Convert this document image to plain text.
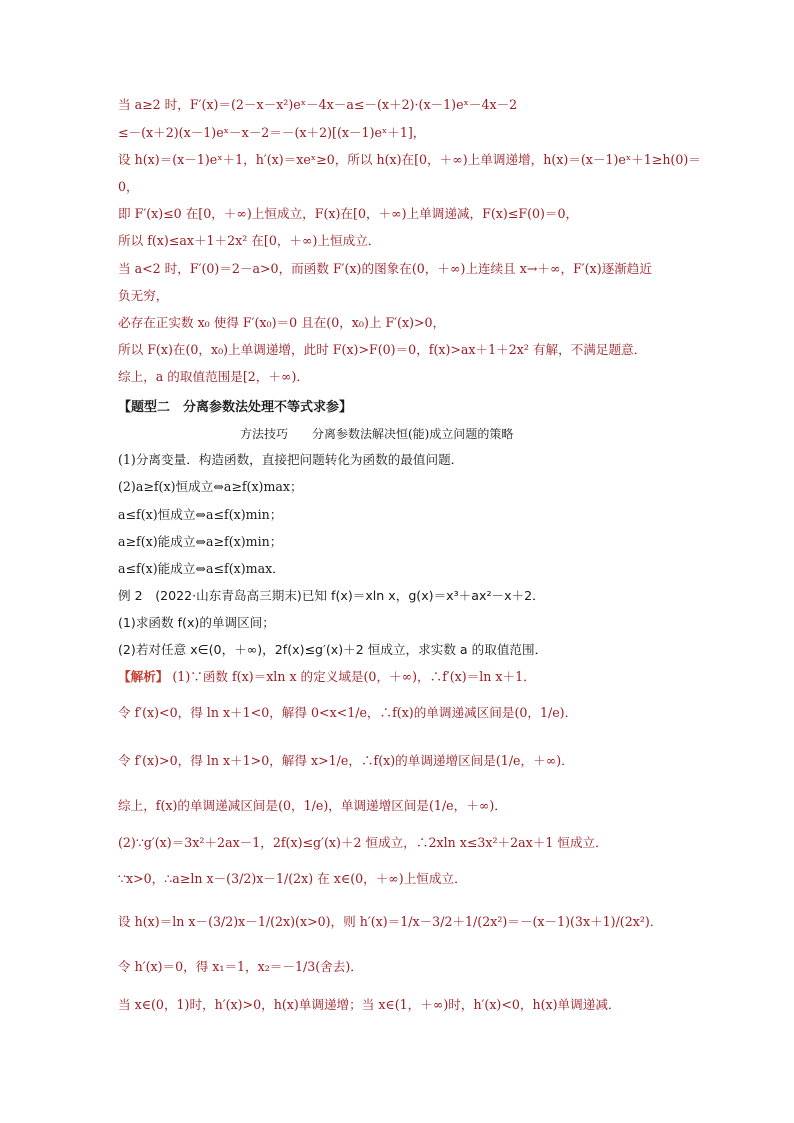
当 a≥2 时，F′(x)＝(2－x－x²)eˣ－4x－a≤－(x＋2)·(x－1)eˣ－4x－2
≤－(x＋2)(x－1)eˣ－x－2＝－(x＋2)[(x－1)eˣ＋1]，
设 h(x)＝(x－1)eˣ＋1，h′(x)＝xeˣ≥0，所以 h(x)在[0，＋∞)上单调递增，h(x)＝(x－1)eˣ＋1≥h(0)＝
0，
即 F′(x)≤0 在[0，＋∞)上恒成立，F(x)在[0，＋∞)上单调递减，F(x)≤F(0)＝0，
所以 f(x)≤ax＋1＋2x² 在[0，＋∞)上恒成立．
当 a<2 时，F′(0)＝2－a>0，而函数 F′(x)的图象在(0，＋∞)上连续且 x→＋∞，F′(x)逐渐趋近
负无穷，
必存在正实数 x₀ 使得 F′(x₀)＝0 且在(0，x₀)上 F′(x)>0，
所以 F(x)在(0，x₀)上单调递增，此时 F(x)>F(0)＝0，f(x)>ax＋1＋2x² 有解，不满足题意．
综上，a 的取值范围是[2，＋∞)．
【题型二　分离参数法处理不等式求参】
方法技巧　　分离参数法解决恒(能)成立问题的策略
(1)分离变量．构造函数，直接把问题转化为函数的最值问题．
(2)a≥f(x)恒成立⇔a≥f(x)max；
a≤f(x)恒成立⇔a≤f(x)min；
a≥f(x)能成立⇔a≥f(x)min；
a≤f(x)能成立⇔a≤f(x)max．
例 2　(2022·山东青岛高三期末)已知 f(x)＝xln x，g(x)＝x³＋ax²－x＋2．
(1)求函数 f(x)的单调区间；
(2)若对任意 x∈(0，＋∞)，2f(x)≤g′(x)＋2 恒成立，求实数 a 的取值范围．
【解析】 (1)∵函数 f(x)＝xln x 的定义域是(0，＋∞)，∴f′(x)＝ln x＋1．
令 f′(x)<0，得 ln x＋1<0，解得 0<x<1/e，∴f(x)的单调递减区间是(0，1/e)．
令 f′(x)>0，得 ln x＋1>0，解得 x>1/e，∴f(x)的单调递增区间是(1/e，＋∞)．
综上，f(x)的单调递减区间是(0，1/e)，单调递增区间是(1/e，＋∞)．
(2)∵g′(x)＝3x²＋2ax－1，2f(x)≤g′(x)＋2 恒成立，∴2xln x≤3x²＋2ax＋1 恒成立．
∵x>0，∴a≥ln x－(3/2)x－1/(2x) 在 x∈(0，＋∞)上恒成立．
设 h(x)＝ln x－(3/2)x－1/(2x)(x>0)，则 h′(x)＝1/x－3/2＋1/(2x²)＝－(x－1)(3x＋1)/(2x²)．
令 h′(x)＝0，得 x₁＝1，x₂＝－1/3(舍去)．
当 x∈(0，1)时，h′(x)>0，h(x)单调递增；当 x∈(1，＋∞)时，h′(x)<0，h(x)单调递减．
